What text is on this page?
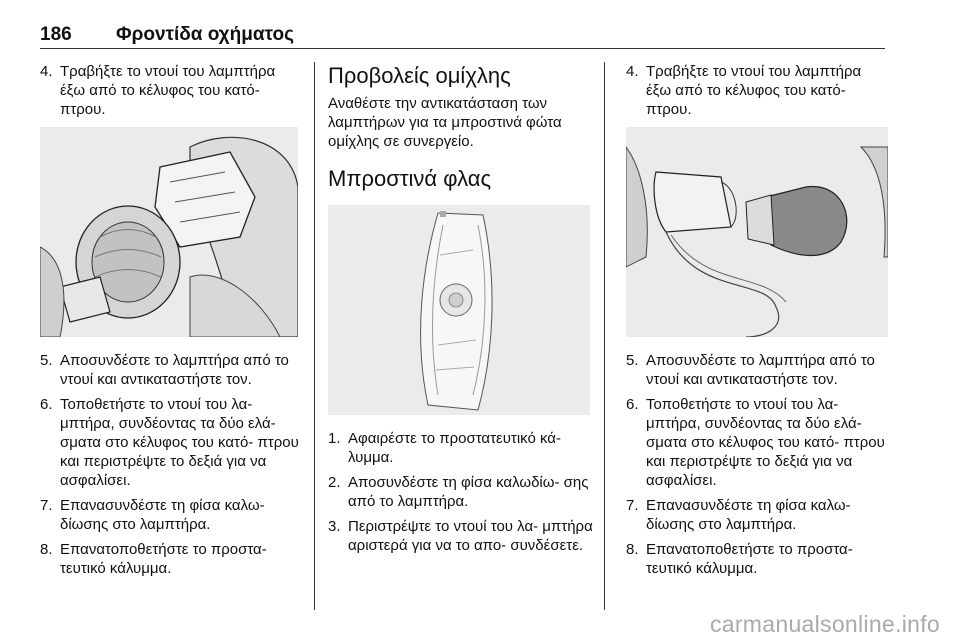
186 Φροντίδα οχήματος
4. Τραβήξτε το ντουί του λαμπτήρα έξω από το κέλυφος του κατό‐ πτρου.
5. Αποσυνδέστε το λαμπτήρα από το ντουί και αντικαταστήστε τον.
6. Τοποθετήστε το ντουί του λα‐ μπτήρα, συνδέοντας τα δύο ελά‐ σματα στο κέλυφος του κατό‐ πτρου και περιστρέψτε το δεξιά για να ασφαλίσει.
7. Επανασυνδέστε τη φίσα καλω‐ δίωσης στο λαμπτήρα.
8. Επανατοποθετήστε το προστα‐ τευτικό κάλυμμα.
Προβολείς ομίχλης

Αναθέστε την αντικατάσταση των λαμπτήρων για τα μπροστινά φώτα ομίχλης σε συνεργείο.

Μπροστινά φλας
1. Αφαιρέστε το προστατευτικό κά‐ λυμμα.
2. Αποσυνδέστε τη φίσα καλωδίω‐ σης από το λαμπτήρα.
3. Περιστρέψτε το ντουί του λα‐ μπτήρα αριστερά για να το απο‐ συνδέσετε.
4. Τραβήξτε το ντουί του λαμπτήρα έξω από το κέλυφος του κατό‐ πτρου.
5. Αποσυνδέστε το λαμπτήρα από το ντουί και αντικαταστήστε τον.
6. Τοποθετήστε το ντουί του λα‐ μπτήρα, συνδέοντας τα δύο ελά‐ σματα στο κέλυφος του κατό‐ πτρου και περιστρέψτε το δεξιά για να ασφαλίσει.
7. Επανασυνδέστε τη φίσα καλω‐ δίωσης στο λαμπτήρα.
8. Επανατοποθετήστε το προστα‐ τευτικό κάλυμμα.
carmanualsonline.info
